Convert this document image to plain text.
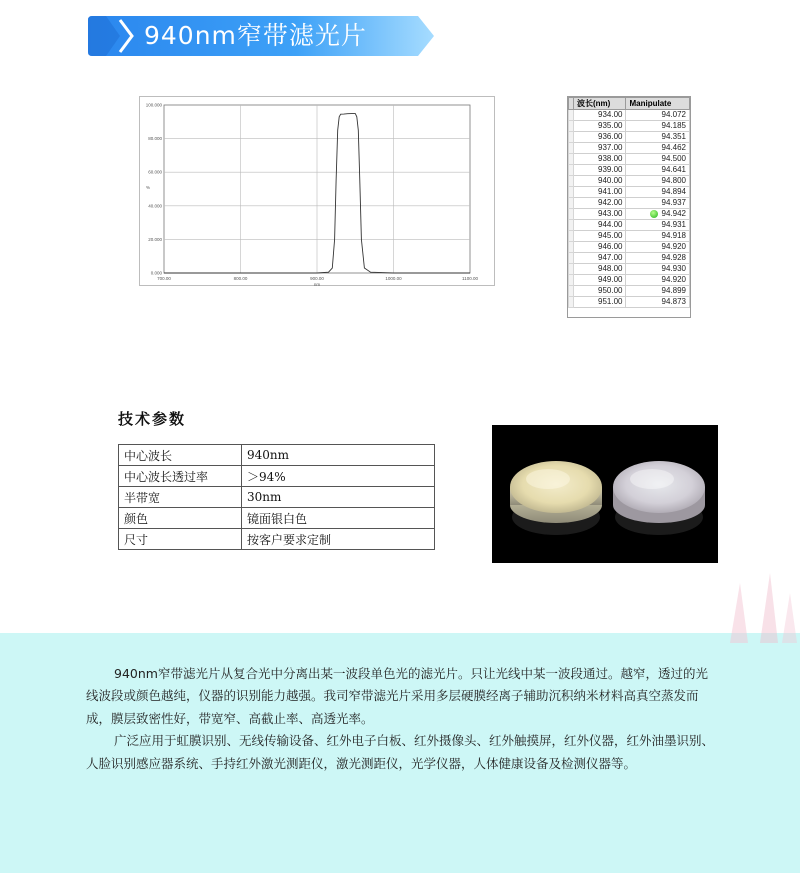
940nm窄带滤光片
700.00	800.00	900.00	1000.00	1100.00
0.000
20.000
40.000
60.000
80.000
100.000
nm
%
	波长(nm)	Manipulate
	934.00	94.072
	935.00	94.185
	936.00	94.351
	937.00	94.462
	938.00	94.500
	939.00	94.641
	940.00	94.800
	941.00	94.894
	942.00	94.937
	943.00	94.942
	944.00	94.931
	945.00	94.918
	946.00	94.920
	947.00	94.928
	948.00	94.930
	949.00	94.920
	950.00	94.899
	951.00	94.873
技术参数
中心波长	940nm
中心波长透过率	＞94%
半带宽	30nm
颜色	镜面银白色
尺寸	按客户要求定制

940nm窄带滤光片从复合光中分离出某一波段单色光的滤光片。只让光线中某一波段通过。越窄，透过的光线波段或颜色越纯，仪器的识别能力越强。我司窄带滤光片采用多层硬膜经离子辅助沉积纳米材料高真空蒸发而成，膜层致密性好，带宽窄、高截止率、高透光率。

广泛应用于虹膜识别、无线传输设备、红外电子白板、红外摄像头、红外触摸屏，红外仪器，红外油墨识别、人脸识别感应器系统、手持红外激光测距仪，激光测距仪，光学仪器，人体健康设备及检测仪器等。
